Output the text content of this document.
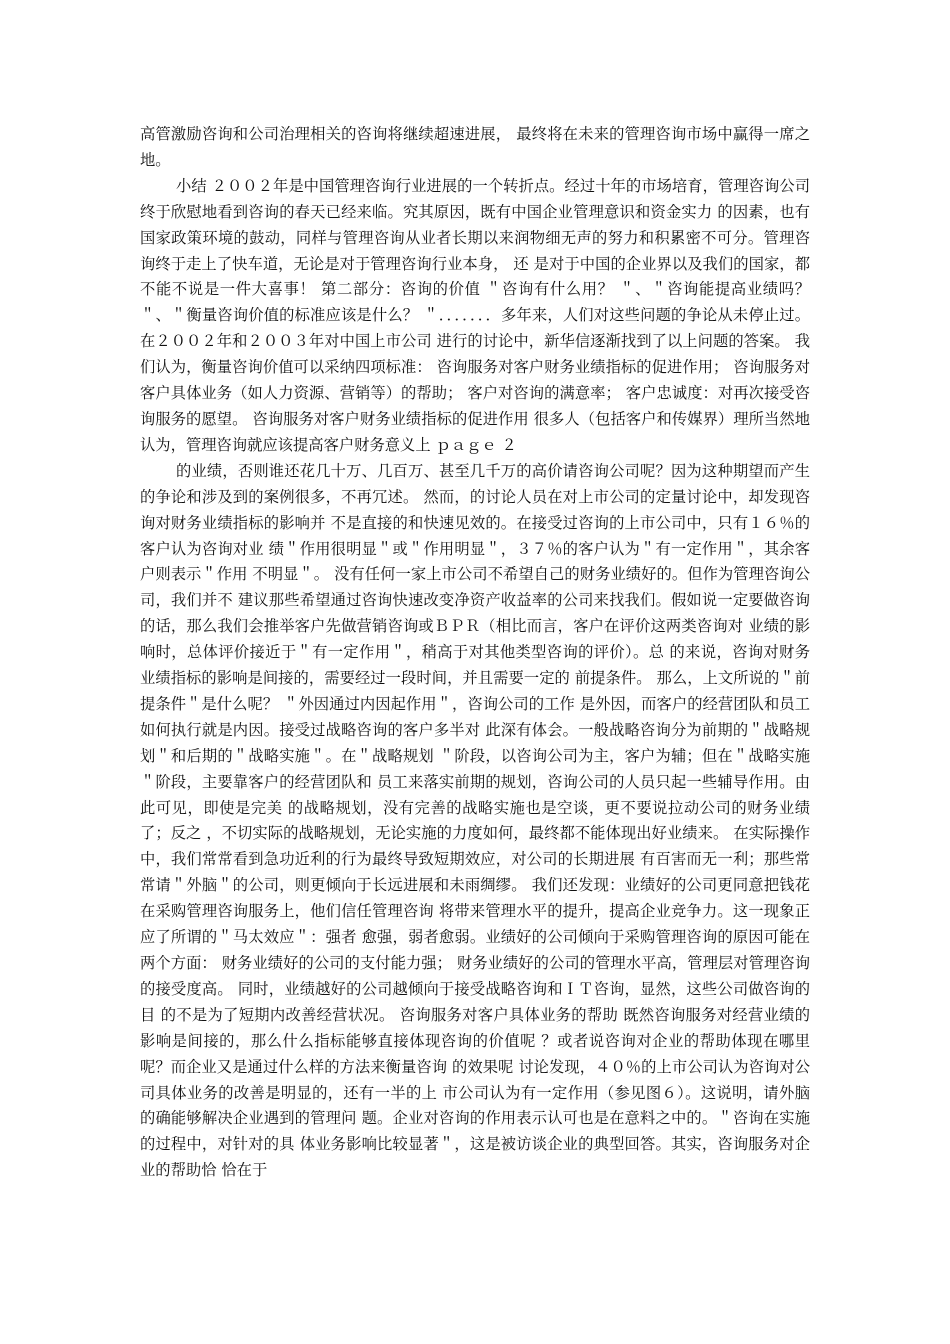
高管激励咨询和公司治理相关的咨询将继续超速进展， 最终将在未来的管理咨询市场中赢得一席之地。

小结 ２００２年是中国管理咨询行业进展的一个转折点。经过十年的市场培育，管理咨询公司 终于欣慰地看到咨询的春天已经来临。究其原因，既有中国企业管理意识和资金实力 的因素，也有国家政策环境的鼓动，同样与管理咨询从业者长期以来润物细无声的努力和积累密不可分。管理咨询终于走上了快车道，无论是对于管理咨询行业本身， 还 是对于中国的企业界以及我们的国家，都不能不说是一件大喜事！ 第二部分：咨询的价值 ＂咨询有什么用？ ＂、＂咨询能提高业绩吗？ ＂、＂衡量咨询价值的标准应该是什么？ ＂．．．．．．．多年来，人们对这些问题的争论从未停止过。在２００２年和２００３年对中国上市公司 进行的讨论中，新华信逐渐找到了以上问题的答案。 我们认为，衡量咨询价值可以采纳四项标准： 咨询服务对客户财务业绩指标的促进作用； 咨询服务对客户具体业务（如人力资源、营销等）的帮助； 客户对咨询的满意率； 客户忠诚度：对再次接受咨询服务的愿望。 咨询服务对客户财务业绩指标的促进作用 很多人（包括客户和传媒界）理所当然地认为，管理咨询就应该提高客户财务意义上 ｐａｇｅ ２

的业绩，否则谁还花几十万、几百万、甚至几千万的高价请咨询公司呢？因为这种期望而产生的争论和涉及到的案例很多，不再冗述。 然而，的讨论人员在对上市公司的定量讨论中，却发现咨询对财务业绩指标的影响并 不是直接的和快速见效的。在接受过咨询的上市公司中，只有１６％的客户认为咨询对业 绩＂作用很明显＂或＂作用明显＂，３７％的客户认为＂有一定作用＂，其余客户则表示＂作用 不明显＂。 没有任何一家上市公司不希望自己的财务业绩好的。但作为管理咨询公司，我们并不 建议那些希望通过咨询快速改变净资产收益率的公司来找我们。假如说一定要做咨询 的话，那么我们会推举客户先做营销咨询或ＢＰＲ（相比而言，客户在评价这两类咨询对 业绩的影响时，总体评价接近于＂有一定作用＂，稍高于对其他类型咨询的评价）。总 的来说，咨询对财务业绩指标的影响是间接的，需要经过一段时间，并且需要一定的 前提条件。 那么，上文所说的＂前提条件＂是什么呢？ ＂外因通过内因起作用＂，咨询公司的工作 是外因，而客户的经营团队和员工如何执行就是内因。接受过战略咨询的客户多半对 此深有体会。一般战略咨询分为前期的＂战略规划＂和后期的＂战略实施＂。在＂战略规划 ＂阶段，以咨询公司为主，客户为辅；但在＂战略实施＂阶段，主要靠客户的经营团队和 员工来落实前期的规划，咨询公司的人员只起一些辅导作用。由此可见，即使是完美 的战略规划，没有完善的战略实施也是空谈，更不要说拉动公司的财务业绩了；反之 ，不切实际的战略规划，无论实施的力度如何，最终都不能体现出好业绩来。 在实际操作中，我们常常看到急功近利的行为最终导致短期效应，对公司的长期进展 有百害而无一利；那些常常请＂外脑＂的公司，则更倾向于长远进展和未雨绸缪。 我们还发现：业绩好的公司更同意把钱花在采购管理咨询服务上，他们信任管理咨询 将带来管理水平的提升，提高企业竞争力。这一现象正应了所谓的＂马太效应＂：强者 愈强，弱者愈弱。业绩好的公司倾向于采购管理咨询的原因可能在两个方面： 财务业绩好的公司的支付能力强； 财务业绩好的公司的管理水平高，管理层对管理咨询的接受度高。 同时，业绩越好的公司越倾向于接受战略咨询和ＩＴ咨询，显然，这些公司做咨询的目 的不是为了短期内改善经营状况。 咨询服务对客户具体业务的帮助 既然咨询服务对经营业绩的影响是间接的，那么什么指标能够直接体现咨询的价值呢 ？或者说咨询对企业的帮助体现在哪里呢？而企业又是通过什么样的方法来衡量咨询 的效果呢 讨论发现，４０％的上市公司认为咨询对公司具体业务的改善是明显的，还有一半的上 市公司认为有一定作用（参见图６）。这说明，请外脑的确能够解决企业遇到的管理问 题。企业对咨询的作用表示认可也是在意料之中的。＂咨询在实施的过程中，对针对的具 体业务影响比较显著＂，这是被访谈企业的典型回答。其实，咨询服务对企业的帮助恰 恰在于
